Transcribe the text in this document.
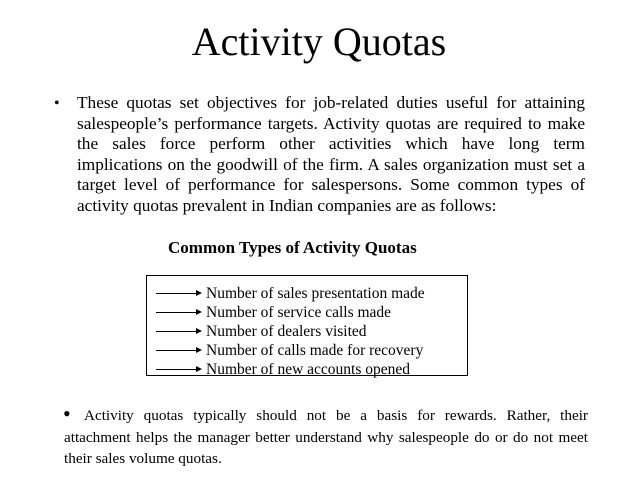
Activity Quotas
• These quotas set objectives for job-related duties useful for attaining salespeople’s performance targets. Activity quotas are required to make the sales force perform other activities which have long term implications on the goodwill of the firm. A sales organization must set a target level of performance for salespersons. Some common types of activity quotas prevalent in Indian companies are as follows:
Common Types of Activity Quotas
Number of sales presentation made
Number of service calls made
Number of dealers visited
Number of calls made for recovery
Number of new accounts opened
• Activity quotas typically should not be a basis for rewards. Rather, their attachment helps the manager better understand why salespeople do or do not meet their sales volume quotas.
